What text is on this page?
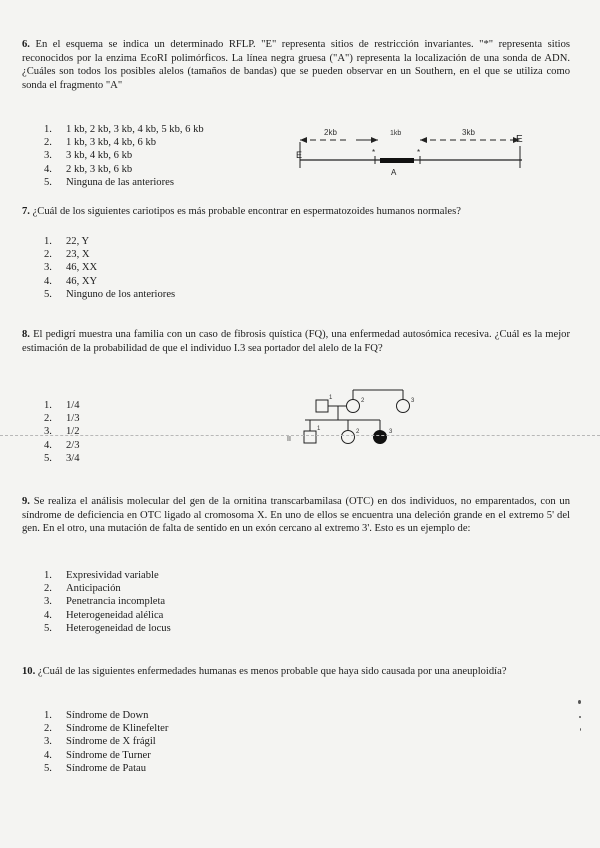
6. En el esquema se indica un determinado RFLP. "E" representa sitios de restricción invariantes. "*" representa sitios reconocidos por la enzima EcoRI polimórficos. La línea negra gruesa ("A") representa la localización de una sonda de ADN. ¿Cuáles son todos los posibles alelos (tamaños de bandas) que se pueden observar en un Southern, en el que se utiliza como sonda el fragmento "A"
1. 1 kb, 2 kb, 3 kb, 4 kb, 5 kb, 6 kb
2. 1 kb, 3 kb, 4 kb, 6 kb
3. 3 kb, 4 kb, 6 kb
4. 2 kb, 3 kb, 6 kb
5. Ninguna de las anteriores
2kb	1kb	3kb
E
E
*	*
A
7. ¿Cuál de los siguientes cariotipos es más probable encontrar en espermatozoides humanos normales?
1. 22, Y
2. 23, X
3. 46, XX
4. 46, XY
5. Ninguno de los anteriores
8. El pedigrí muestra una familia con un caso de fibrosis quística (FQ), una enfermedad autosómica recesiva. ¿Cuál es la mejor estimación de la probabilidad de que el individuo I.3 sea portador del alelo de la FQ?
1. 1/4
2. 1/3
3. 1/2
4. 2/3
5. 3/4
II
1	2	3
1	2	3
I
9. Se realiza el análisis molecular del gen de la ornitina transcarbamilasa (OTC) en dos individuos, no emparentados, con un síndrome de deficiencia en OTC ligado al cromosoma X. En uno de ellos se encuentra una deleción grande en el extremo 5' del gen. En el otro, una mutación de falta de sentido en un exón cercano al extremo 3'. Esto es un ejemplo de:
1. Expresividad variable
2. Anticipación
3. Penetrancia incompleta
4. Heterogeneidad alélica
5. Heterogeneidad de locus
10. ¿Cuál de las siguientes enfermedades humanas es menos probable que haya sido causada por una aneuploidía?
1. Síndrome de Down
2. Síndrome de Klinefelter
3. Síndrome de X frágil
4. Síndrome de Turner
5. Síndrome de Patau
